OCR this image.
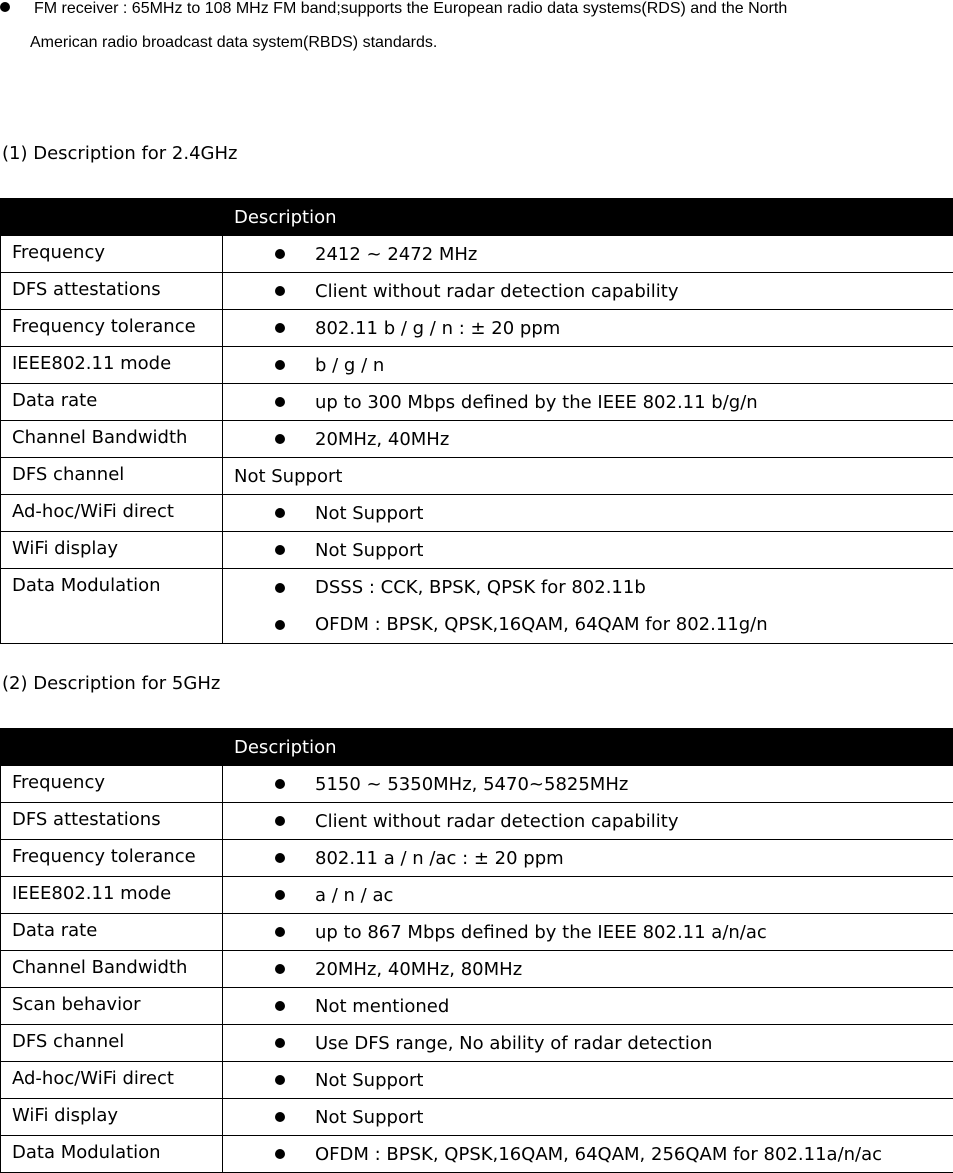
FM receiver : 65MHz to 108 MHz FM band;supports the European radio data systems(RDS) and the North
American radio broadcast data system(RBDS) standards.
(1) Description for 2.4GHz
	Description
Frequency	2412 ~ 2472 MHz

DFS attestations	Client without radar detection capability

Frequency tolerance	802.11 b / g / n : ± 20 ppm

IEEE802.11 mode	b / g / n

Data rate	up to 300 Mbps defined by the IEEE 802.11 b/g/n

Channel Bandwidth	20MHz, 40MHz

DFS channel	Not Support
Ad-hoc/WiFi direct	Not Support

WiFi display	Not Support

Data Modulation	DSSS : CCK, BPSK, QPSK for 802.11b
OFDM : BPSK, QPSK,16QAM, 64QAM for 802.11g/n
(2) Description for 5GHz
	Description
Frequency	5150 ~ 5350MHz, 5470~5825MHz

DFS attestations	Client without radar detection capability

Frequency tolerance	802.11 a / n /ac : ± 20 ppm

IEEE802.11 mode	a / n / ac

Data rate	up to 867 Mbps defined by the IEEE 802.11 a/n/ac

Channel Bandwidth	20MHz, 40MHz, 80MHz

Scan behavior	Not mentioned

DFS channel	Use DFS range, No ability of radar detection

Ad-hoc/WiFi direct	Not Support

WiFi display	Not Support

Data Modulation	OFDM : BPSK, QPSK,16QAM, 64QAM, 256QAM for 802.11a/n/ac
